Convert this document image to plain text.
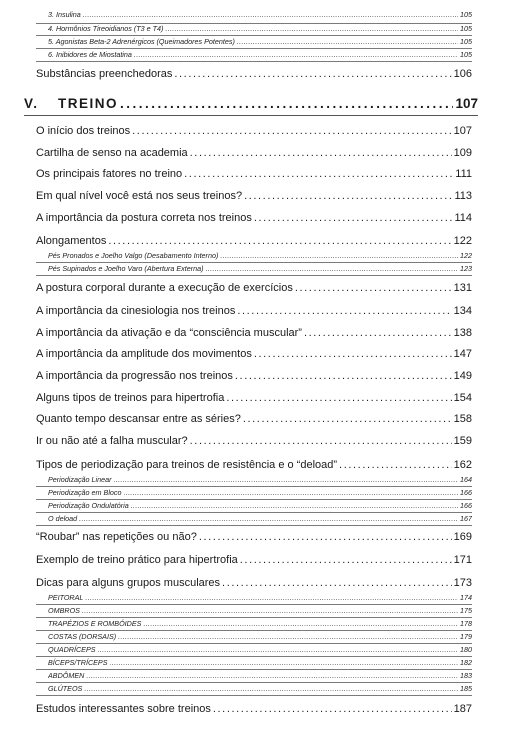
3. Insulina .....	105
4. Hormônios Tireoidianos (T3 e T4) .....	105
5. Agonistas Beta-2 Adrenérgicos (Queimadores Potentes) .....	105
6. Inibidores de Miostatina .....	105
Substâncias preenchedoras .....	106
V.	TREINO .....	107
O início dos treinos .....	107
Cartilha de senso na academia .....	109
Os principais fatores no treino .....	111
Em qual nível você está nos seus treinos? .....	113
A importância da postura correta nos treinos .....	114
Alongamentos .....	122
Pés Pronados e Joelho Valgo (Desabamento Interno) .....	122
Pés Supinados e Joelho Varo (Abertura Externa) .....	123
A postura corporal durante a execução de exercícios .....	131
A importância da cinesiologia nos treinos .....	134
A importância da ativação e da “consciência muscular” .....	138
A importância da amplitude dos movimentos .....	147
A importância da progressão nos treinos .....	149
Alguns tipos de treinos para hipertrofia .....	154
Quanto tempo descansar entre as séries? .....	158
Ir ou não até a falha muscular? .....	159
Tipos de periodização para treinos de resistência e o “deload” .....	162
Periodização Linear .....	164
Periodização em Bloco .....	166
Periodização Ondulatória .....	166
O deload .....	167
“Roubar” nas repetições ou não? .....	169
Exemplo de treino prático para hipertrofia .....	171
Dicas para alguns grupos musculares .....	173
PEITORAL .....	174
OMBROS .....	175
TRAPÉZIOS E ROMBÓIDES .....	178
COSTAS (DORSAIS) .....	179
QUADRÍCEPS .....	180
BÍCEPS/TRÍCEPS .....	182
ABDÔMEN .....	183
GLÚTEOS .....	185
Estudos interessantes sobre treinos .....	187
